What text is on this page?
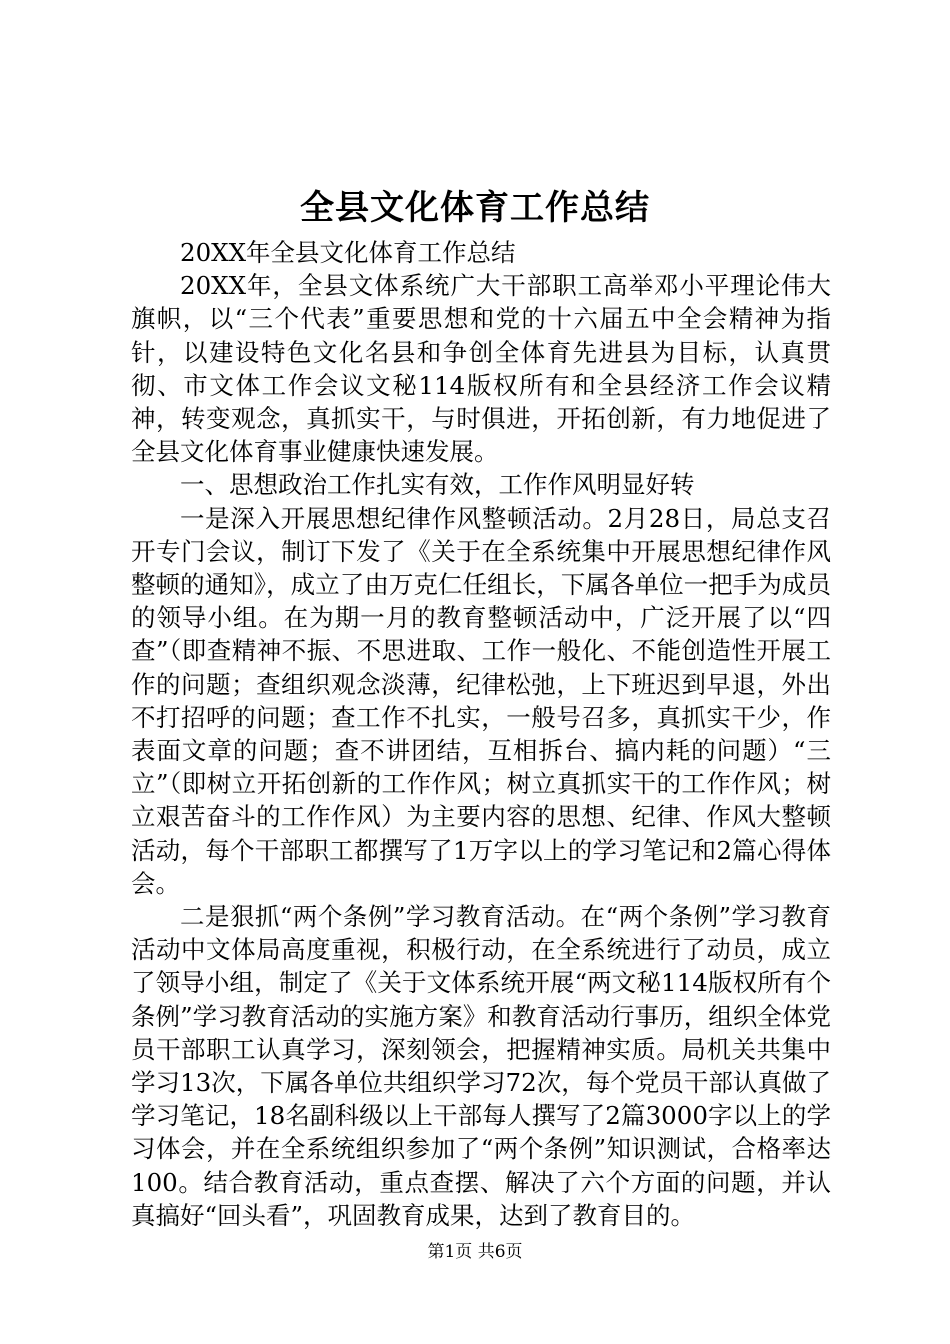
全县文化体育工作总结

20XX年全县文化体育工作总结

20XX年，全县文体系统广大干部职工高举邓小平理论伟大旗帜，以“三个代表”重要思想和党的十六届五中全会精神为指针，以建设特色文化名县和争创全体育先进县为目标，认真贯彻、市文体工作会议文秘114版权所有和全县经济工作会议精神，转变观念，真抓实干，与时俱进，开拓创新，有力地促进了全县文化体育事业健康快速发展。

一、思想政治工作扎实有效，工作作风明显好转

一是深入开展思想纪律作风整顿活动。2月28日，局总支召开专门会议，制订下发了《关于在全系统集中开展思想纪律作风整顿的通知》，成立了由万克仁任组长，下属各单位一把手为成员的领导小组。在为期一月的教育整顿活动中，广泛开展了以“四查”（即查精神不振、不思进取、工作一般化、不能创造性开展工作的问题；查组织观念淡薄，纪律松弛，上下班迟到早退，外出不打招呼的问题；查工作不扎实，一般号召多，真抓实干少，作表面文章的问题；查不讲团结，互相拆台、搞内耗的问题）“三立”（即树立开拓创新的工作作风；树立真抓实干的工作作风；树立艰苦奋斗的工作作风）为主要内容的思想、纪律、作风大整顿活动，每个干部职工都撰写了1万字以上的学习笔记和2篇心得体会。

二是狠抓“两个条例”学习教育活动。在“两个条例”学习教育活动中文体局高度重视，积极行动，在全系统进行了动员，成立了领导小组，制定了《关于文体系统开展“两文秘114版权所有个条例”学习教育活动的实施方案》和教育活动行事历，组织全体党员干部职工认真学习，深刻领会，把握精神实质。局机关共集中学习13次，下属各单位共组织学习72次，每个党员干部认真做了学习笔记，18名副科级以上干部每人撰写了2篇3000字以上的学习体会，并在全系统组织参加了“两个条例”知识测试，合格率达100。结合教育活动，重点查摆、解决了六个方面的问题，并认真搞好“回头看”，巩固教育成果，达到了教育目的。

第1页 共6页
